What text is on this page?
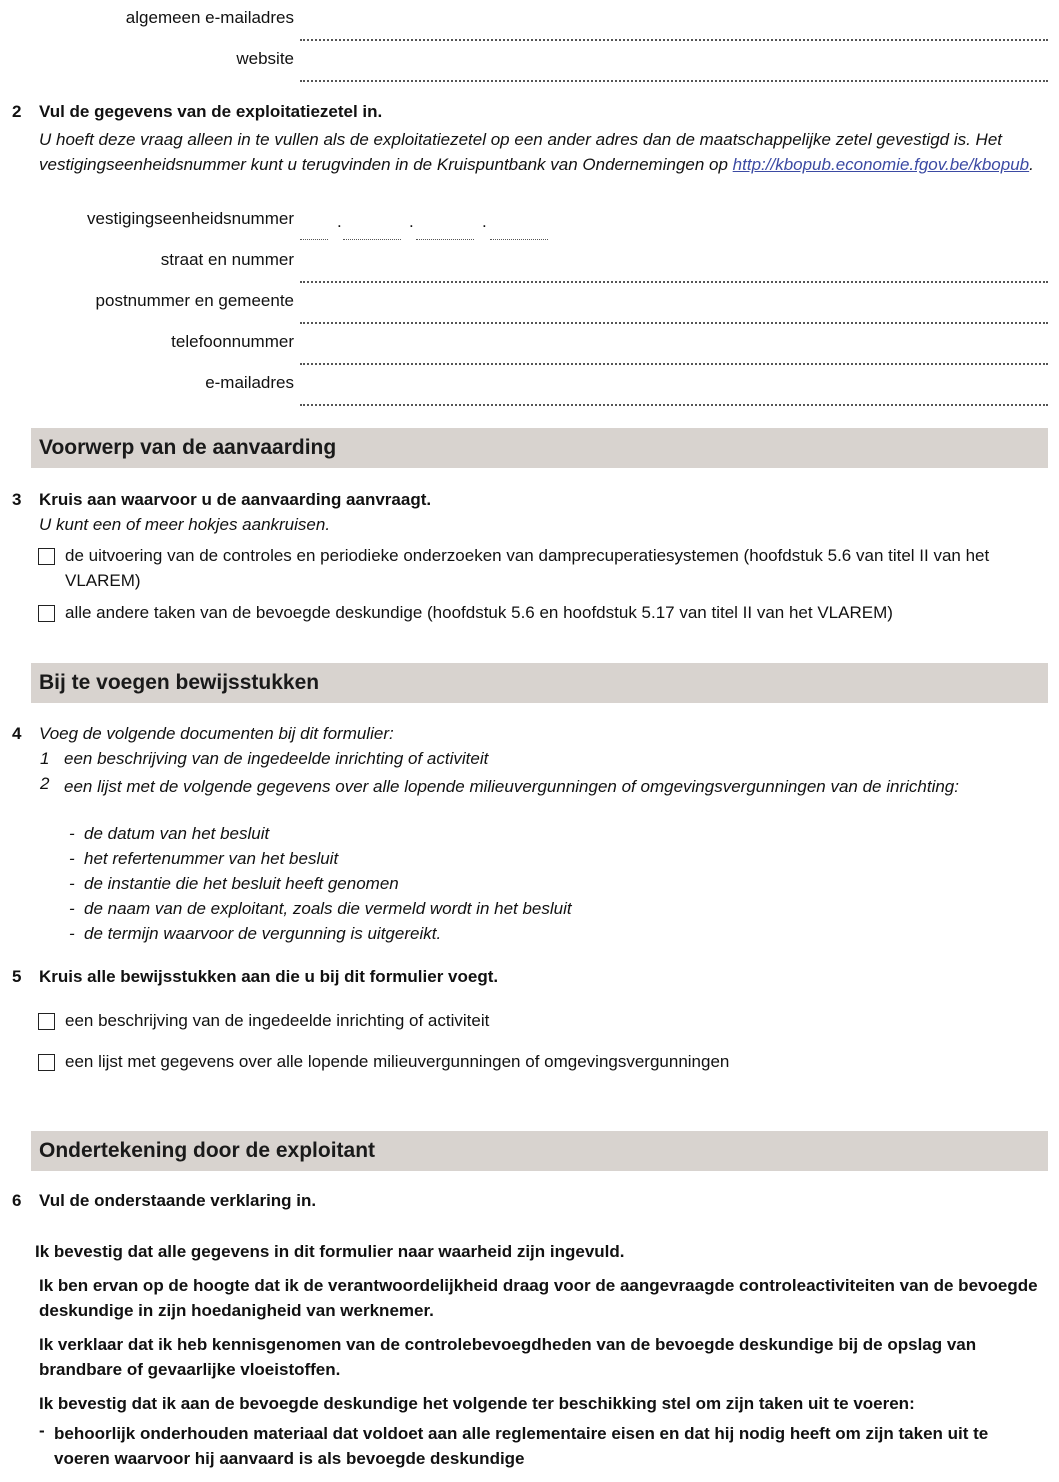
algemeen e-mailadres
website
2 Vul de gegevens van de exploitatiezetel in.
U hoeft deze vraag alleen in te vullen als de exploitatiezetel op een ander adres dan de maatschappelijke zetel gevestigd is. Het vestigingseenheidsnummer kunt u terugvinden in de Kruispuntbank van Ondernemingen op http://kbopub.economie.fgov.be/kbopub.
vestigingseenheidsnummer	.	.	.
straat en nummer
postnummer en gemeente
telefoonnummer
e-mailadres
Voorwerp van de aanvaarding
3 Kruis aan waarvoor u de aanvaarding aanvraagt.
U kunt een of meer hokjes aankruisen.
de uitvoering van de controles en periodieke onderzoeken van damprecuperatiesystemen (hoofdstuk 5.6 van titel II van het VLAREM)
alle andere taken van de bevoegde deskundige (hoofdstuk 5.6 en hoofdstuk 5.17 van titel II van het VLAREM)
Bij te voegen bewijsstukken
4 Voeg de volgende documenten bij dit formulier:
1 een beschrijving van de ingedeelde inrichting of activiteit
2 een lijst met de volgende gegevens over alle lopende milieuvergunningen of omgevingsvergunningen van de inrichting:
- de datum van het besluit
- het refertenummer van het besluit
- de instantie die het besluit heeft genomen
- de naam van de exploitant, zoals die vermeld wordt in het besluit
- de termijn waarvoor de vergunning is uitgereikt.
5 Kruis alle bewijsstukken aan die u bij dit formulier voegt.
een beschrijving van de ingedeelde inrichting of activiteit
een lijst met gegevens over alle lopende milieuvergunningen of omgevingsvergunningen
Ondertekening door de exploitant
6 Vul de onderstaande verklaring in.
Ik bevestig dat alle gegevens in dit formulier naar waarheid zijn ingevuld.
Ik ben ervan op de hoogte dat ik de verantwoordelijkheid draag voor de aangevraagde controleactiviteiten van de bevoegde deskundige in zijn hoedanigheid van werknemer.
Ik verklaar dat ik heb kennisgenomen van de controlebevoegdheden van de bevoegde deskundige bij de opslag van brandbare of gevaarlijke vloeistoffen.
Ik bevestig dat ik aan de bevoegde deskundige het volgende ter beschikking stel om zijn taken uit te voeren:
- behoorlijk onderhouden materiaal dat voldoet aan alle reglementaire eisen en dat hij nodig heeft om zijn taken uit te voeren waarvoor hij aanvaard is als bevoegde deskundige
